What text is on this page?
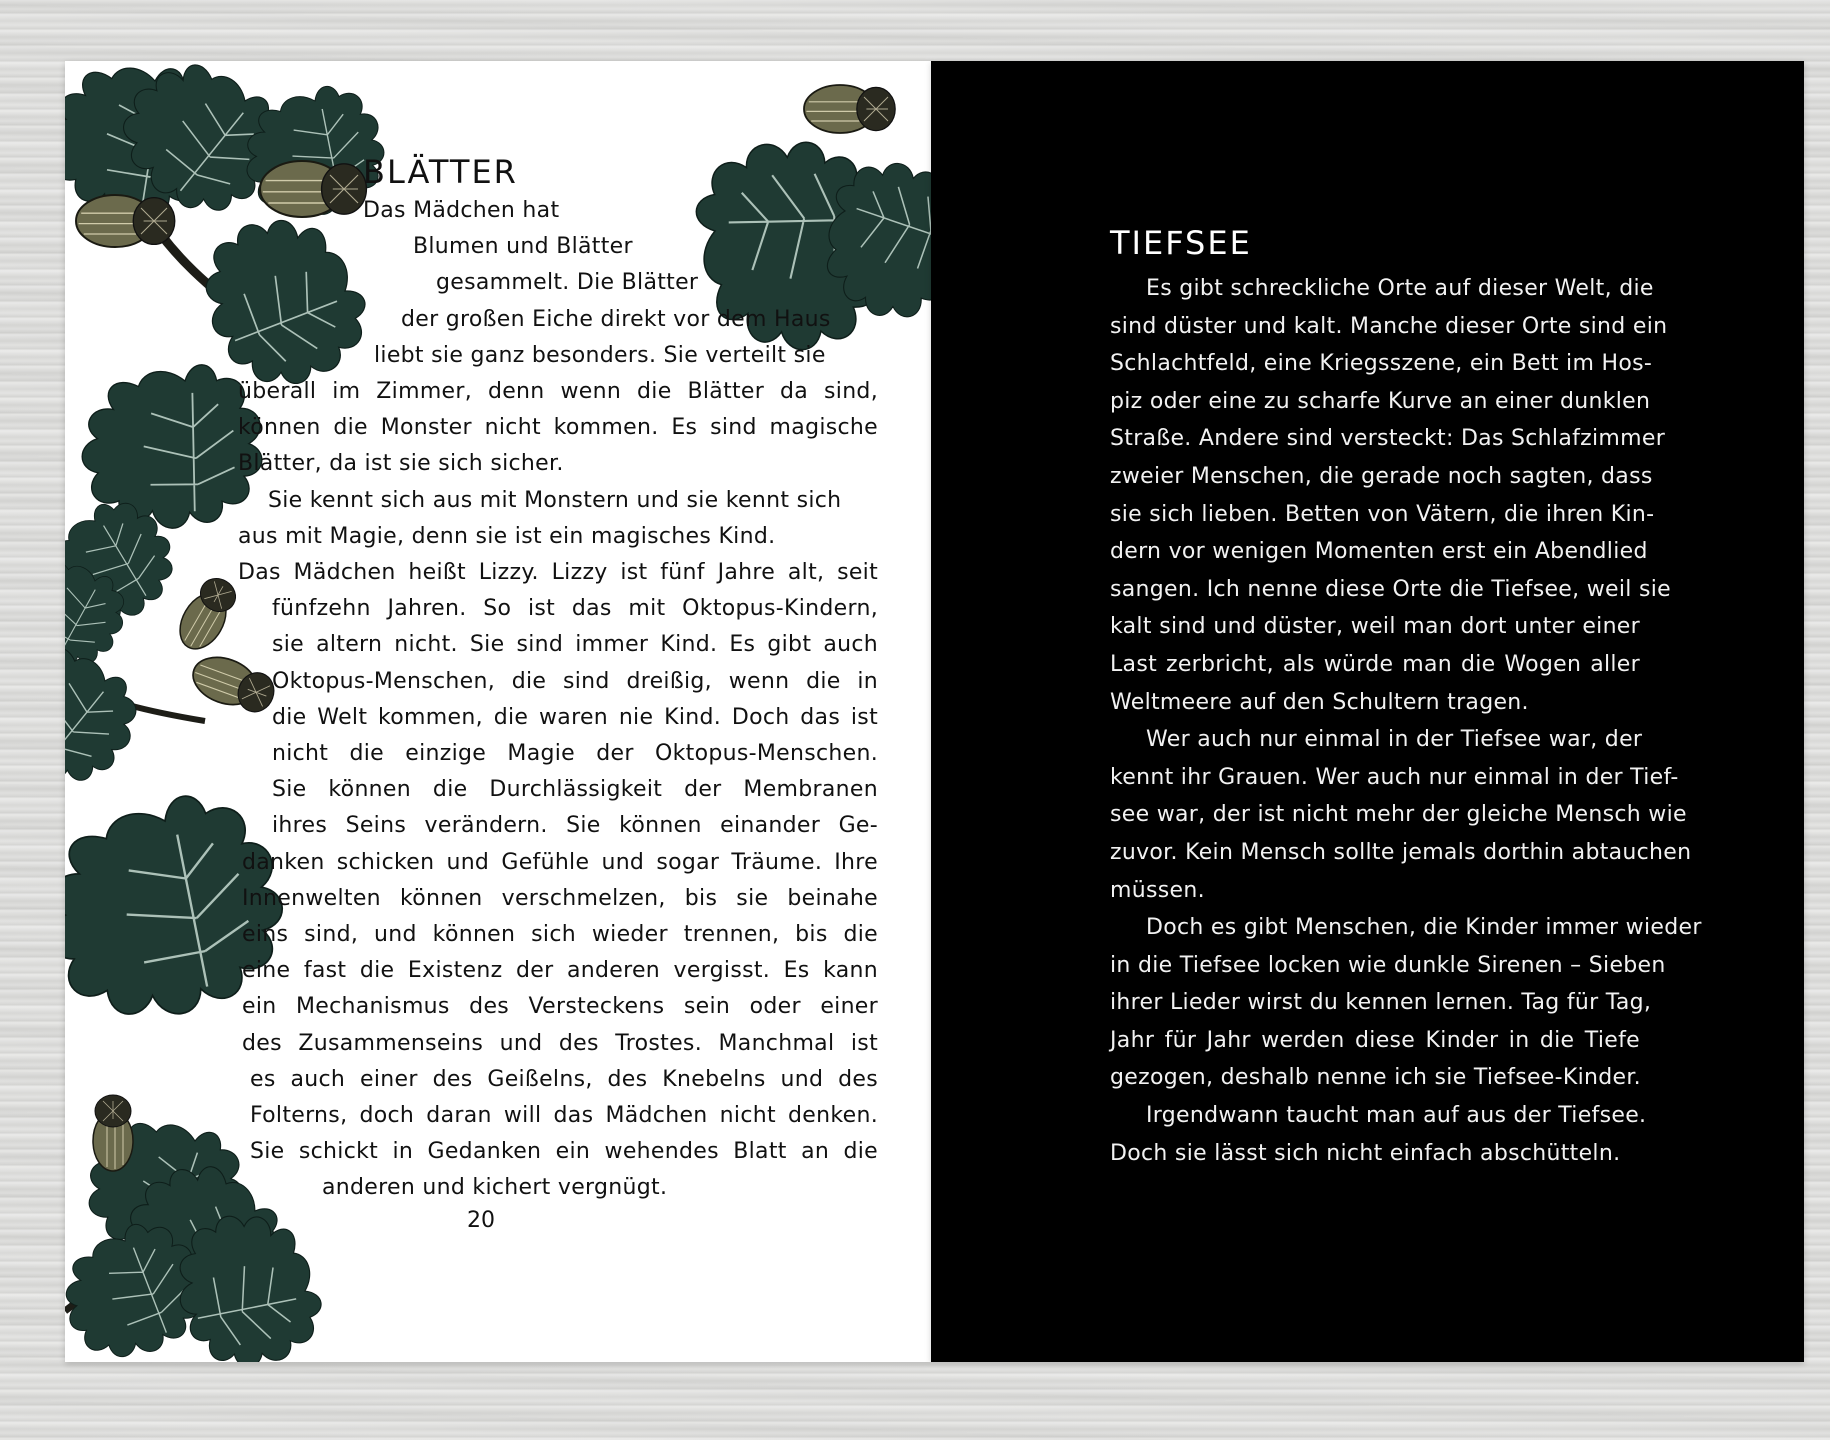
BLÄTTER
Das Mädchen hat
Blumen und Blätter
gesammelt. Die Blätter
der großen Eiche direkt vor dem Haus
liebt sie ganz besonders. Sie verteilt sie
überall im Zimmer, denn wenn die Blätter da sind,
können die Monster nicht kommen. Es sind magische
Blätter, da ist sie sich sicher.
Sie kennt sich aus mit Monstern und sie kennt sich
aus mit Magie, denn sie ist ein magisches Kind.
Das Mädchen heißt Lizzy. Lizzy ist fünf Jahre alt, seit
fünfzehn Jahren. So ist das mit Oktopus-Kindern,
sie altern nicht. Sie sind immer Kind. Es gibt auch
Oktopus-Menschen, die sind dreißig, wenn die in
die Welt kommen, die waren nie Kind. Doch das ist
nicht die einzige Magie der Oktopus-Menschen.
Sie können die Durchlässigkeit der Membranen
ihres Seins verändern. Sie können einander Ge-
danken schicken und Gefühle und sogar Träume. Ihre
Innenwelten können verschmelzen, bis sie beinahe
eins sind, und können sich wieder trennen, bis die
eine fast die Existenz der anderen vergisst. Es kann
ein Mechanismus des Versteckens sein oder einer
des Zusammenseins und des Trostes. Manchmal ist
es auch einer des Geißelns, des Knebelns und des
Folterns, doch daran will das Mädchen nicht denken.
Sie schickt in Gedanken ein wehendes Blatt an die
anderen und kichert vergnügt.
20
TIEFSEE
Es gibt schreckliche Orte auf dieser Welt, die
sind düster und kalt. Manche dieser Orte sind ein
Schlachtfeld, eine Kriegsszene, ein Bett im Hos-
piz oder eine zu scharfe Kurve an einer dunklen
Straße. Andere sind versteckt: Das Schlafzimmer
zweier Menschen, die gerade noch sagten, dass
sie sich lieben. Betten von Vätern, die ihren Kin-
dern vor wenigen Momenten erst ein Abendlied
sangen. Ich nenne diese Orte die Tiefsee, weil sie
kalt sind und düster, weil man dort unter einer
Last zerbricht, als würde man die Wogen aller
Weltmeere auf den Schultern tragen.
Wer auch nur einmal in der Tiefsee war, der
kennt ihr Grauen. Wer auch nur einmal in der Tief-
see war, der ist nicht mehr der gleiche Mensch wie
zuvor. Kein Mensch sollte jemals dorthin abtauchen
müssen.
Doch es gibt Menschen, die Kinder immer wieder
in die Tiefsee locken wie dunkle Sirenen – Sieben
ihrer Lieder wirst du kennen lernen. Tag für Tag,
Jahr für Jahr werden diese Kinder in die Tiefe
gezogen, deshalb nenne ich sie Tiefsee-Kinder.
Irgendwann taucht man auf aus der Tiefsee.
Doch sie lässt sich nicht einfach abschütteln.
